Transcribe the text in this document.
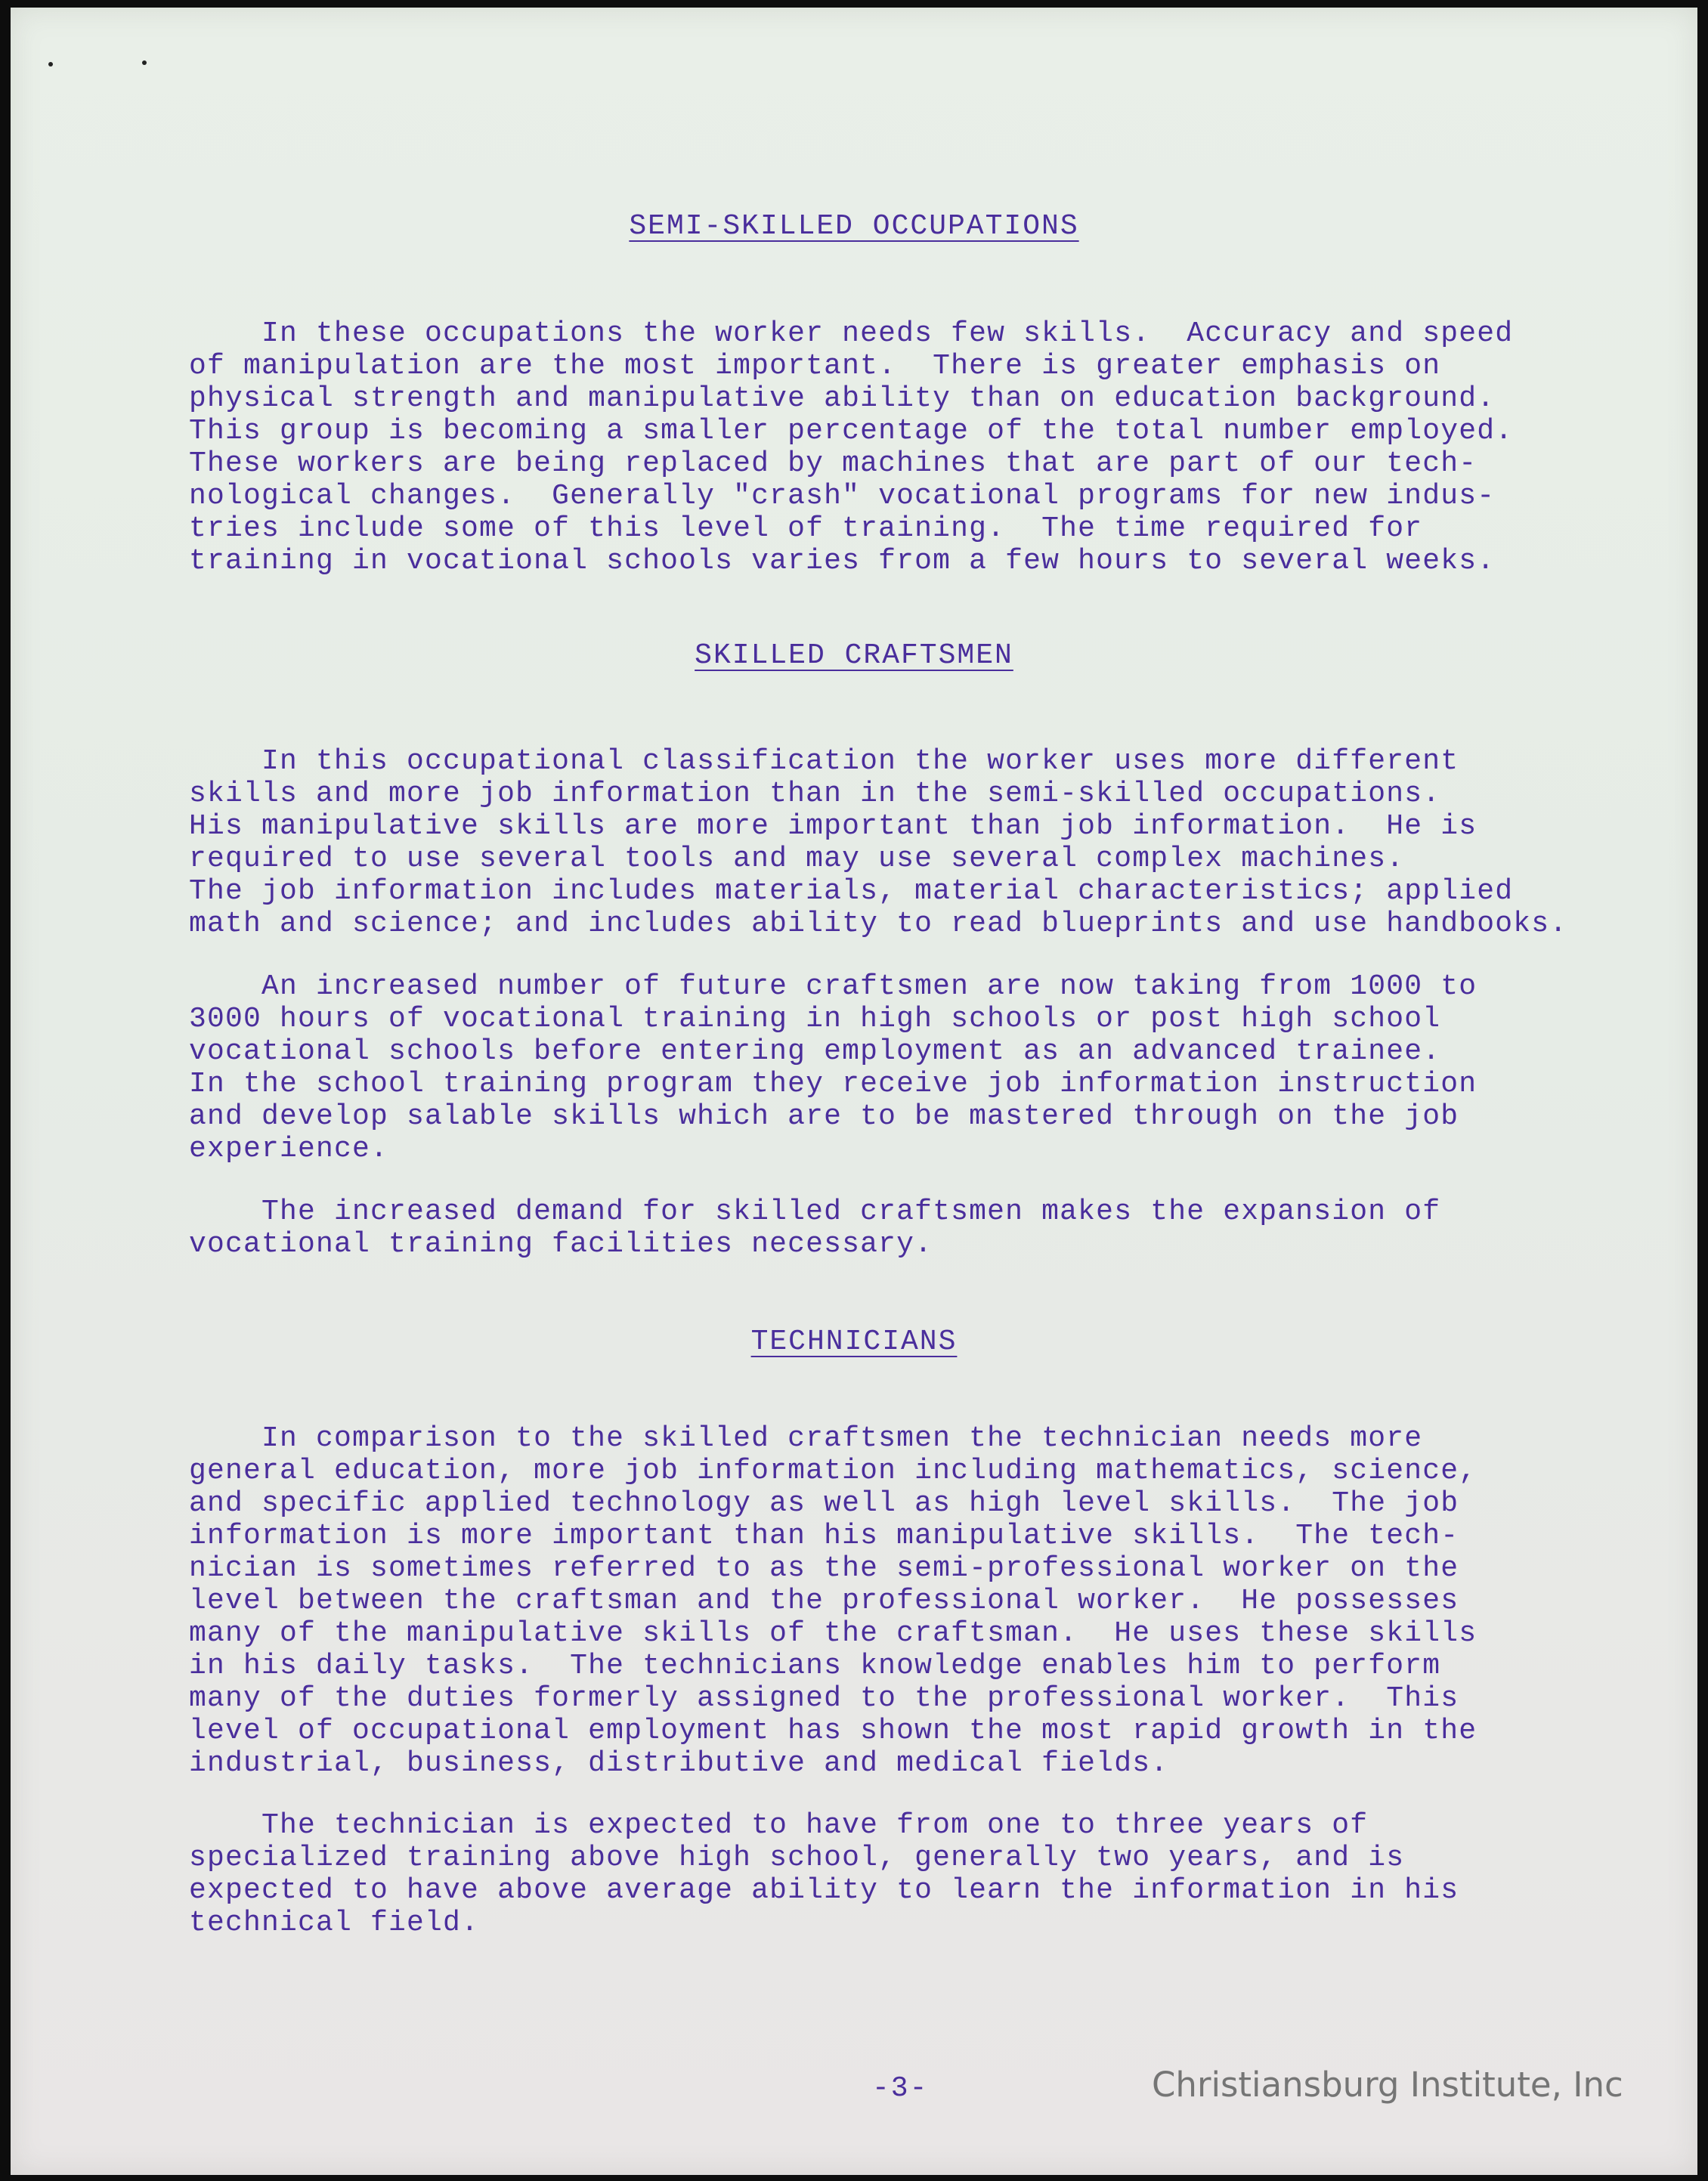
SEMI-SKILLED OCCUPATIONS

In these occupations the worker needs few skills.  Accuracy and speed
of manipulation are the most important.  There is greater emphasis on
physical strength and manipulative ability than on education background.
This group is becoming a smaller percentage of the total number employed.
These workers are being replaced by machines that are part of our tech-
nological changes.  Generally "crash" vocational programs for new indus-
tries include some of this level of training.  The time required for
training in vocational schools varies from a few hours to several weeks.

SKILLED CRAFTSMEN

In this occupational classification the worker uses more different
skills and more job information than in the semi-skilled occupations.
His manipulative skills are more important than job information.  He is
required to use several tools and may use several complex machines.
The job information includes materials, material characteristics; applied
math and science; and includes ability to read blueprints and use handbooks.

An increased number of future craftsmen are now taking from 1000 to
3000 hours of vocational training in high schools or post high school
vocational schools before entering employment as an advanced trainee.
In the school training program they receive job information instruction
and develop salable skills which are to be mastered through on the job
experience.

The increased demand for skilled craftsmen makes the expansion of
vocational training facilities necessary.

TECHNICIANS

In comparison to the skilled craftsmen the technician needs more
general education, more job information including mathematics, science,
and specific applied technology as well as high level skills.  The job
information is more important than his manipulative skills.  The tech-
nician is sometimes referred to as the semi-professional worker on the
level between the craftsman and the professional worker.  He possesses
many of the manipulative skills of the craftsman.  He uses these skills
in his daily tasks.  The technicians knowledge enables him to perform
many of the duties formerly assigned to the professional worker.  This
level of occupational employment has shown the most rapid growth in the
industrial, business, distributive and medical fields.

The technician is expected to have from one to three years of
specialized training above high school, generally two years, and is
expected to have above average ability to learn the information in his
technical field.

-3-	Christiansburg Institute, Inc
